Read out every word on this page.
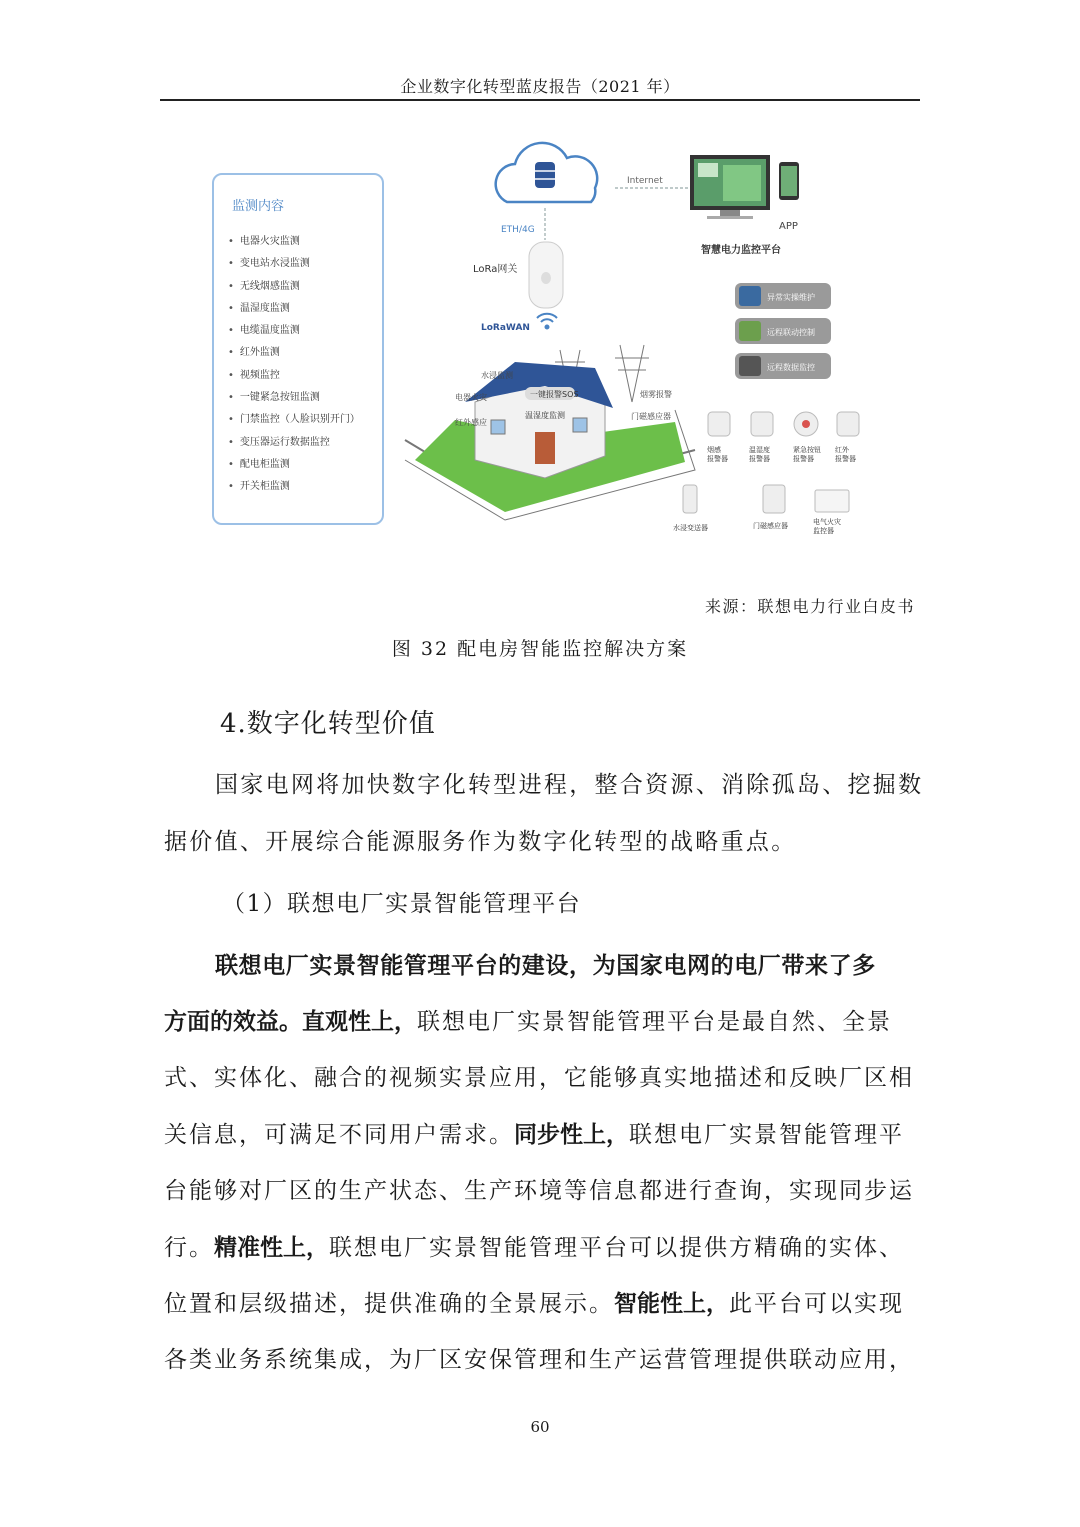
企业数字化转型蓝皮报告（2021 年）
监测内容
• 电器火灾监测
• 变电站水浸监测
• 无线烟感监测
• 温湿度监测
• 电缆温度监测
• 红外监测
• 视频监控
• 一键紧急按钮监测
• 门禁监控（人脸识别开门）
• 变压器运行数据监控
• 配电柜监测
• 开关柜监测
Internet
APP
智慧电力监控平台
ETH/4G
LoRa网关
LoRaWAN
异常实操维护
远程联动控制
远程数据监控
水浸监测
电器火灾
红外感应
一键报警SOS	烟雾报警
温湿度监测	门磁感应器
烟感报警器
温湿度报警器
紧急按钮报警器
红外报警器
水浸变送器	门磁感应器	电气火灾监控器
来源：联想电力行业白皮书
图 32 配电房智能监控解决方案
4.数字化转型价值
国家电网将加快数字化转型进程，整合资源、消除孤岛、挖掘数
据价值、开展综合能源服务作为数字化转型的战略重点。
（1）联想电厂实景智能管理平台
联想电厂实景智能管理平台的建设，为国家电网的电厂带来了多
方面的效益。直观性上，联想电厂实景智能管理平台是最自然、全景
式、实体化、融合的视频实景应用，它能够真实地描述和反映厂区相
关信息，可满足不同用户需求。同步性上，联想电厂实景智能管理平
台能够对厂区的生产状态、生产环境等信息都进行查询，实现同步运
行。精准性上，联想电厂实景智能管理平台可以提供方精确的实体、
位置和层级描述，提供准确的全景展示。智能性上，此平台可以实现
各类业务系统集成，为厂区安保管理和生产运营管理提供联动应用，
60
